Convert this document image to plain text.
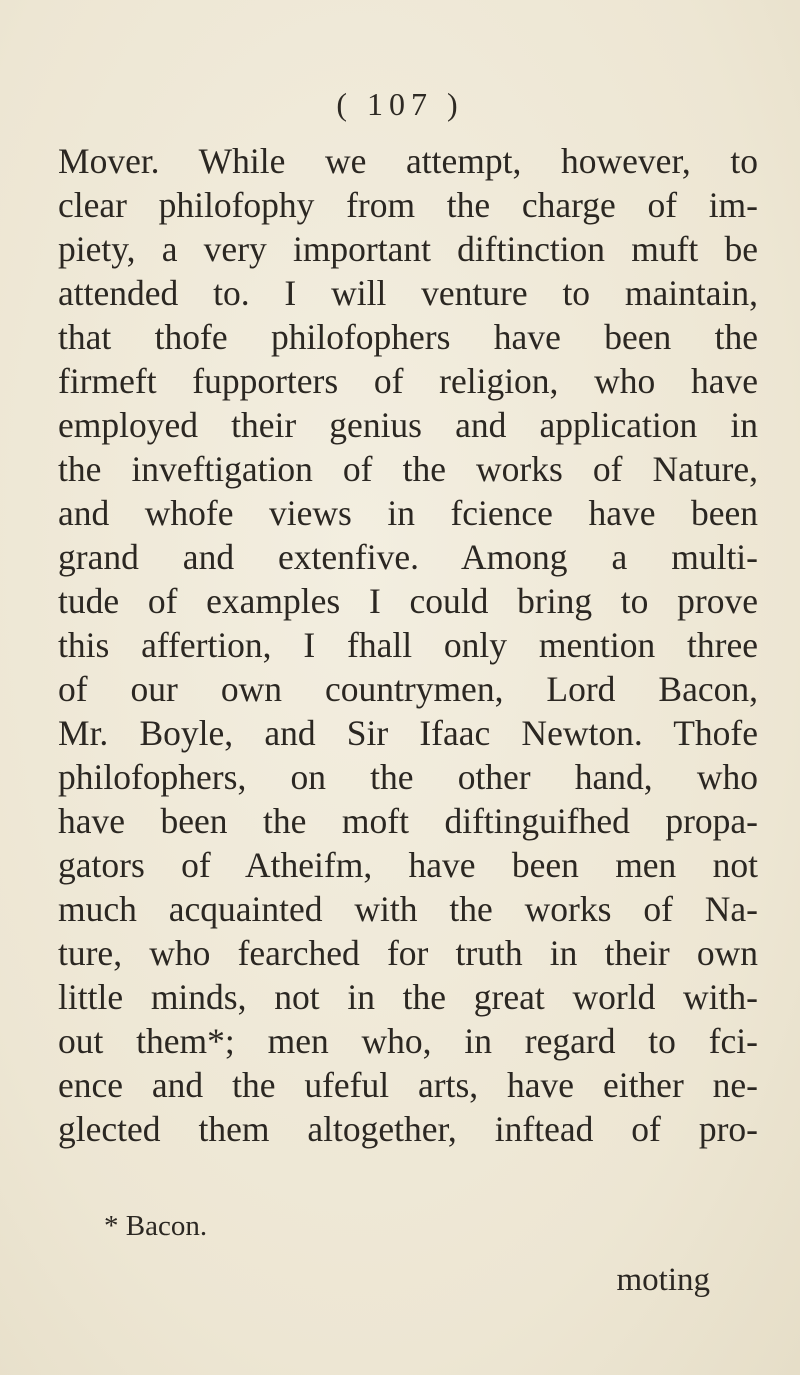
( 107 )
Mover. While we attempt, however, to
clear philofophy from the charge of im-
piety, a very important diftinction muft be
attended to. I will venture to maintain,
that thofe philofophers have been the
firmeft fupporters of religion, who have
employed their genius and application in
the inveftigation of the works of Nature,
and whofe views in fcience have been
grand and extenfive. Among a multi-
tude of examples I could bring to prove
this affertion, I fhall only mention three
of our own countrymen, Lord Bacon,
Mr. Boyle, and Sir Ifaac Newton. Thofe
philofophers, on the other hand, who
have been the moft diftinguifhed propa-
gators of Atheifm, have been men not
much acquainted with the works of Na-
ture, who fearched for truth in their own
little minds, not in the great world with-
out them*; men who, in regard to fci-
ence and the ufeful arts, have either ne-
glected them altogether, inftead of pro-
* Bacon.
moting
